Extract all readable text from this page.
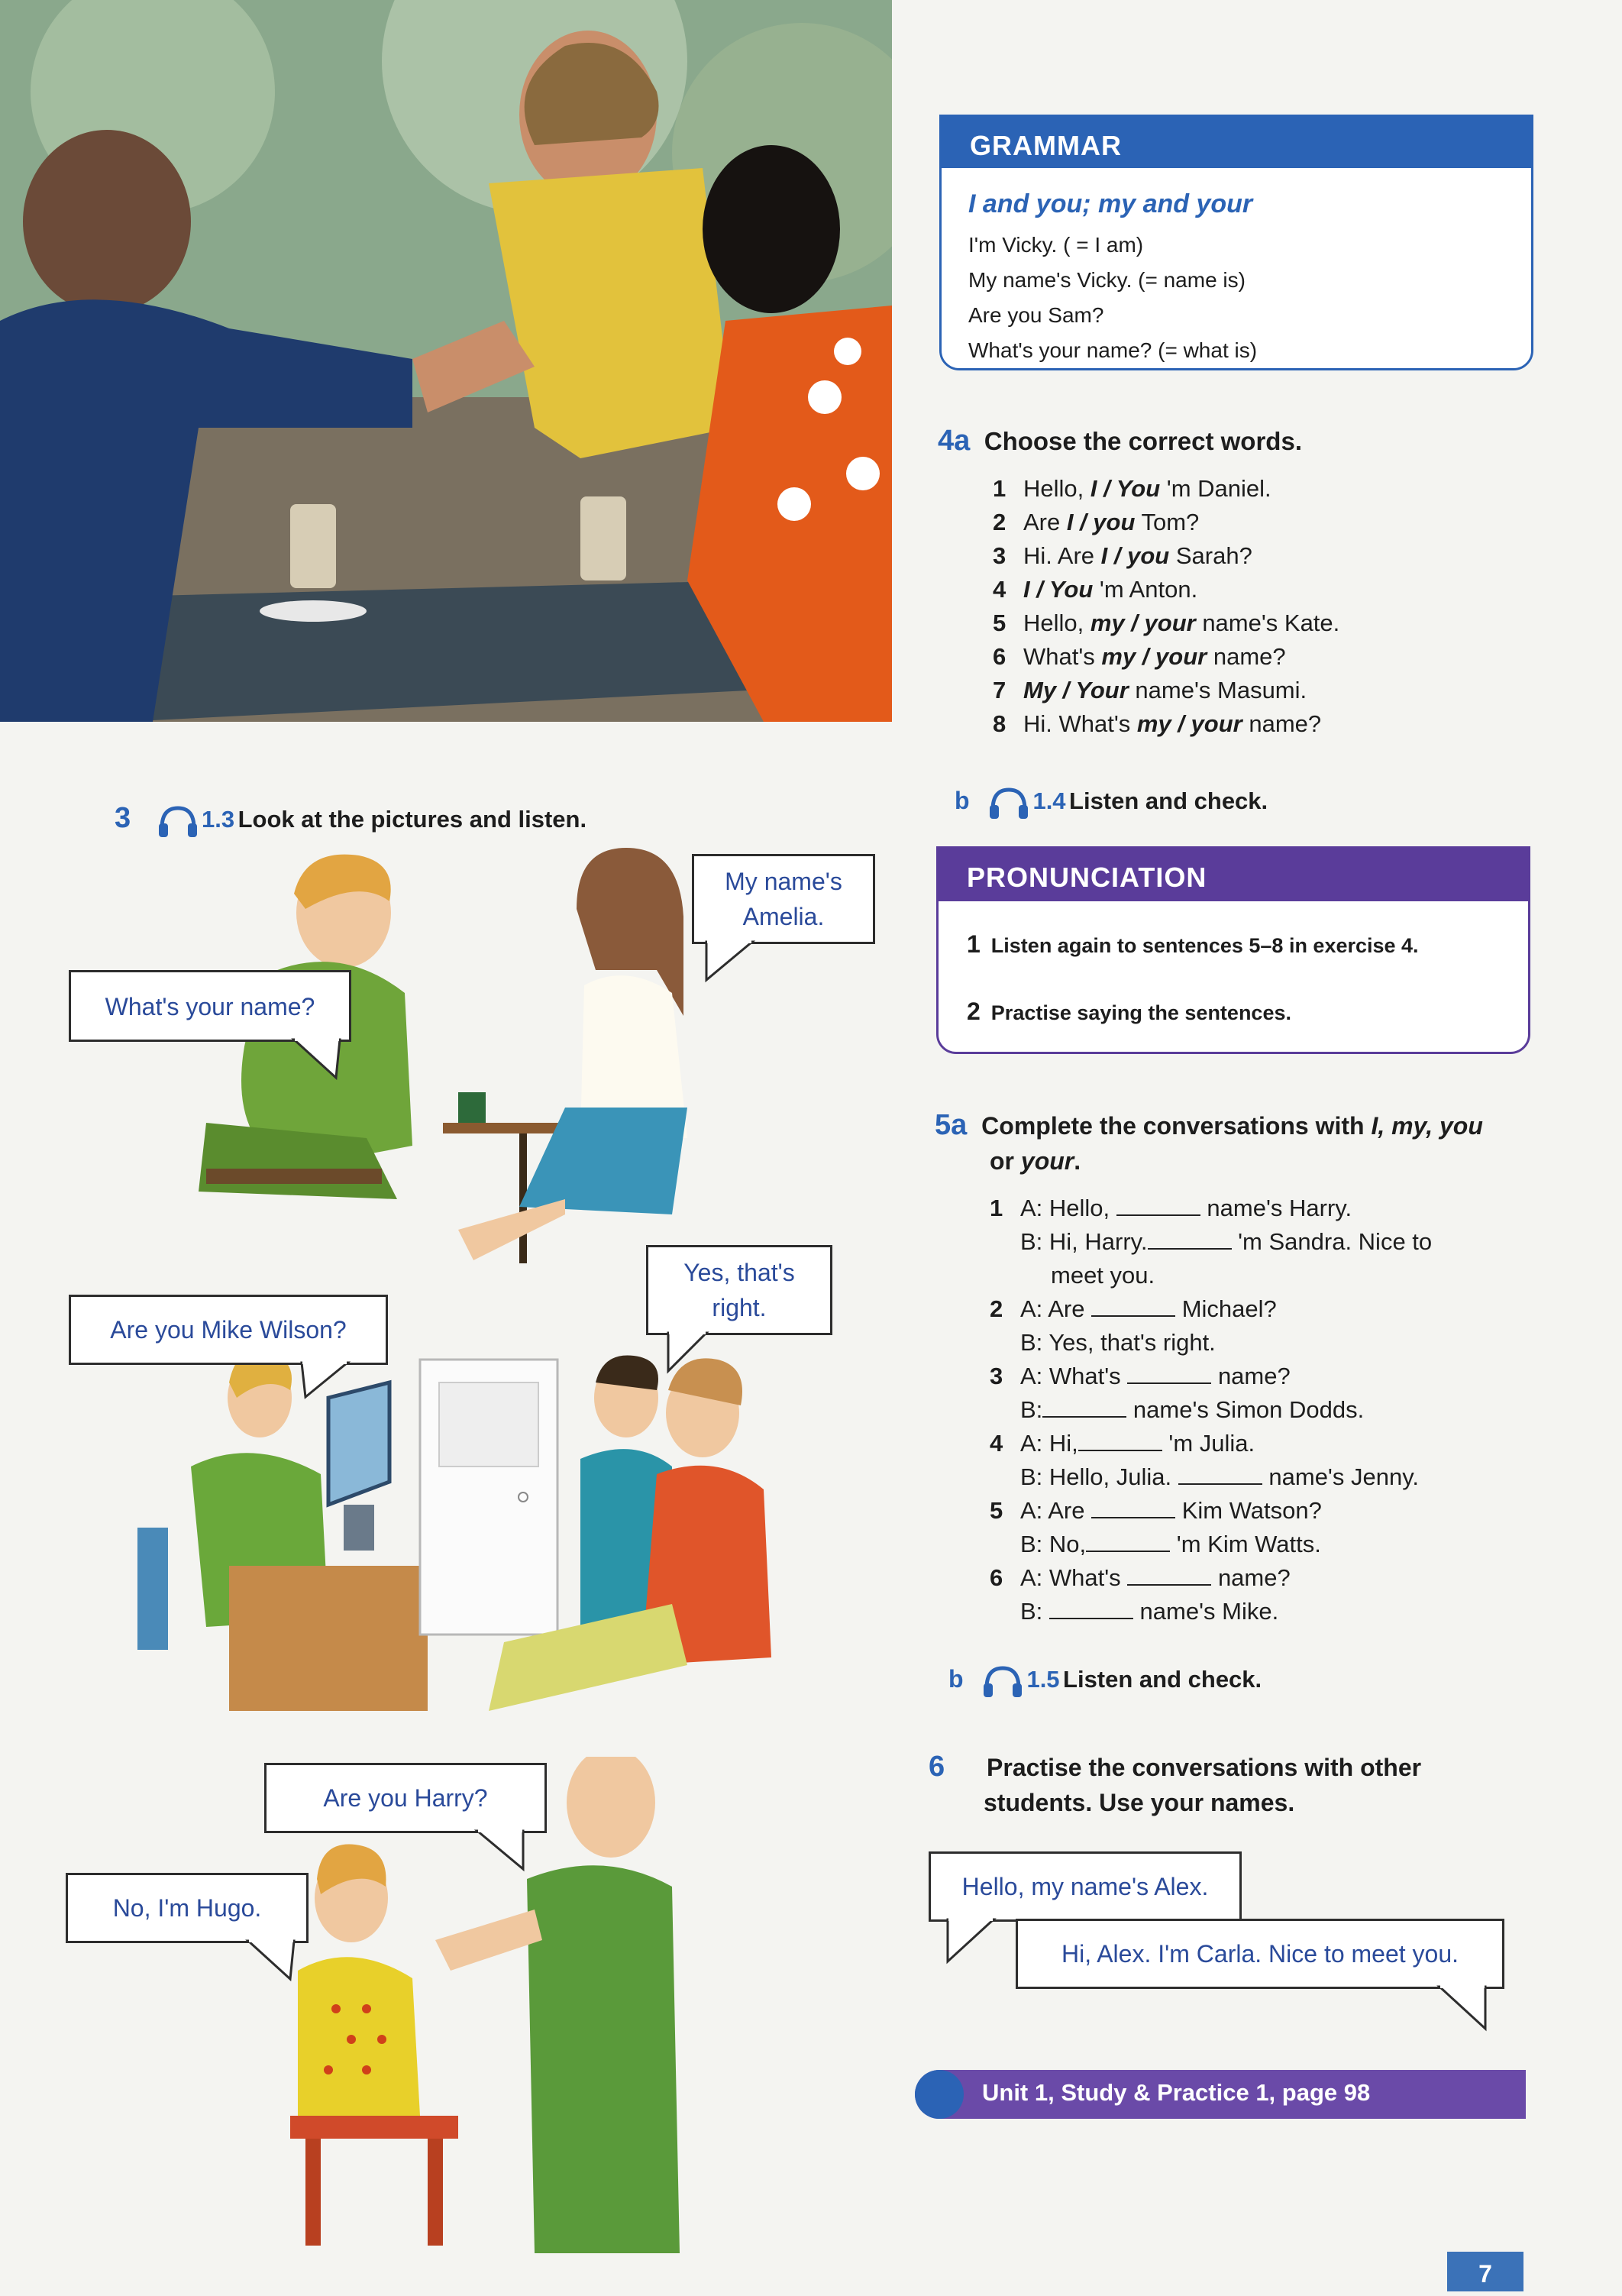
3	1.3 Look at the pictures and listen.
My name's
Amelia.
What's your name?
Yes, that's
right.
Are you Mike Wilson?
Are you Harry?
No, I'm Hugo.
GRAMMAR
I and you; my and your
I'm Vicky. ( = I am)
My name's Vicky. (= name is)
Are you Sam?
What's your name? (= what is)
4a Choose the correct words.
1 Hello, I / You 'm Daniel.
2 Are I / you Tom?
3 Hi. Are I / you Sarah?
4 I / You 'm Anton.
5 Hello, my / your name's Kate.
6 What's my / your name?
7 My / Your name's Masumi.
8 Hi. What's my / your name?
b	1.4 Listen and check.
PRONUNCIATION
1 Listen again to sentences 5–8 in exercise 4.
2 Practise saying the sentences.
5a Complete the conversations with I, my, you
or your.
1 A: Hello,	name's Harry.
B: Hi, Harry.	'm Sandra. Nice to
meet you.
2 A: Are	Michael?
B: Yes, that's right.
3 A: What's	name?
B:	name's Simon Dodds.
4 A: Hi,	'm Julia.
B: Hello, Julia.	name's Jenny.
5 A: Are	Kim Watson?
B: No,	'm Kim Watts.
6 A: What's	name?
B:	name's Mike.
b	1.5 Listen and check.
6 Practise the conversations with other
students. Use your names.
Hello, my name's Alex.
Hi, Alex. I'm Carla. Nice to meet you.
Unit 1, Study & Practice 1, page 98
7
